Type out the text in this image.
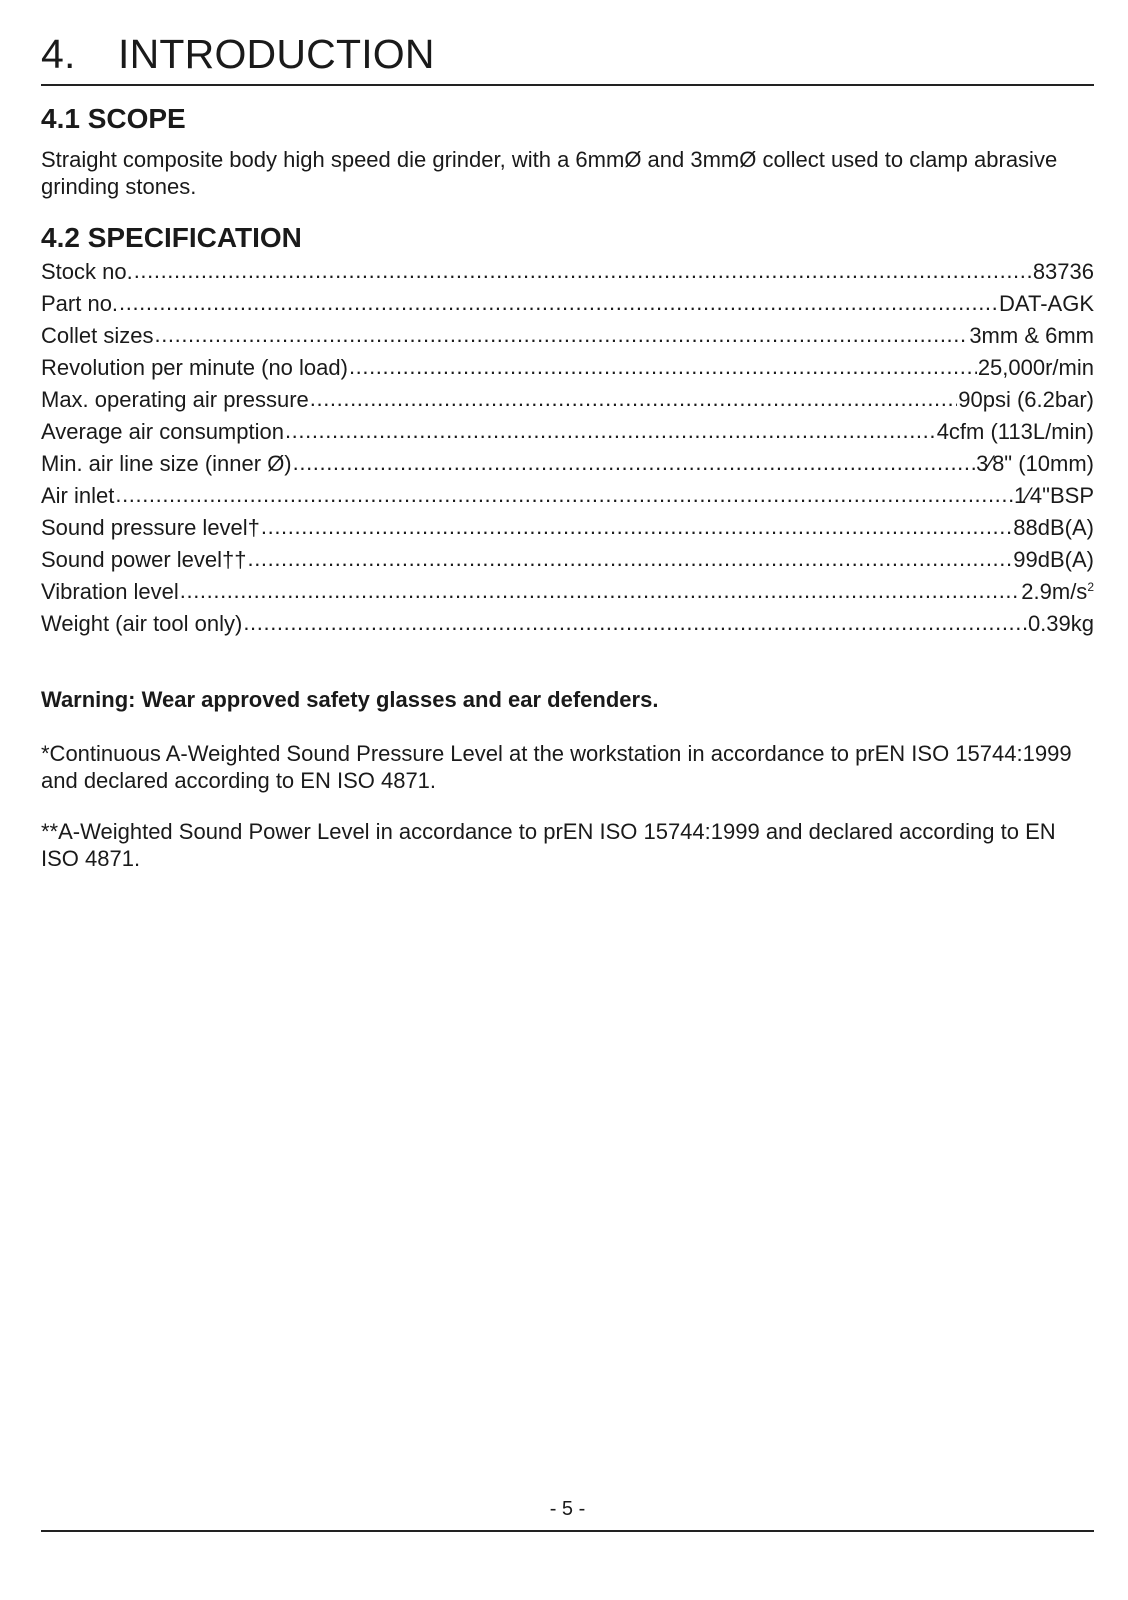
4. INTRODUCTION
4.1 SCOPE

Straight composite body high speed die grinder, with a 6mmØ and 3mmØ collect used to clamp abrasive grinding stones.

4.2 SPECIFICATION
Stock no. .....	83736
Part no. .....	DAT-AGK
Collet sizes .....	3mm & 6mm
Revolution per minute (no load) .....	25,000r/min
Max. operating air pressure .....	90psi (6.2bar)
Average air consumption .....	4cfm (113L/min)
Min. air line size (inner Ø) .....	3⁄8" (10mm)
Air inlet .....	1⁄4"BSP
Sound pressure level† .....	88dB(A)
Sound power level†† .....	99dB(A)
Vibration level .....	$2.9m/s^2$
Weight (air tool only) .....	0.39kg

Warning: Wear approved safety glasses and ear defenders.

*Continuous A-Weighted Sound Pressure Level at the workstation in accordance to prEN ISO 15744:1999 and declared according to EN ISO 4871.

**A-Weighted Sound Power Level in accordance to prEN ISO 15744:1999 and declared according to EN ISO 4871.

- 5 -
